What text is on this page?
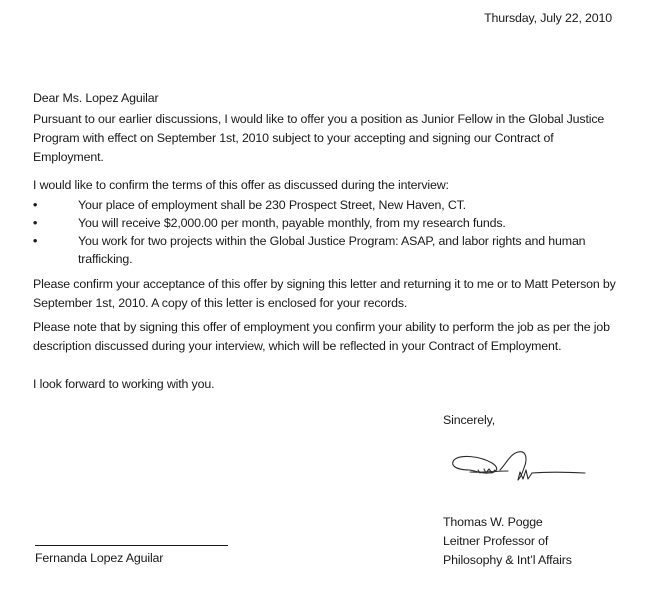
Thursday, July 22, 2010
Dear Ms. Lopez Aguilar
Pursuant to our earlier discussions, I would like to offer you a position as Junior Fellow in the Global Justice Program with effect on September 1st, 2010 subject to your accepting and signing our Contract of Employment.
I would like to confirm the terms of this offer as discussed during the interview:
•	Your place of employment shall be 230 Prospect Street, New Haven, CT.
•	You will receive $2,000.00 per month, payable monthly, from my research funds.
•	You work for two projects within the Global Justice Program: ASAP, and labor rights and human trafficking.
Please confirm your acceptance of this offer by signing this letter and returning it to me or to Matt Peterson by September 1st, 2010. A copy of this letter is enclosed for your records.
Please note that by signing this offer of employment you confirm your ability to perform the job as per the job description discussed during your interview, which will be reflected in your Contract of Employment.
I look forward to working with you.
Sincerely,
Thomas W. Pogge
Leitner Professor of
Philosophy & Int’l Affairs
Fernanda Lopez Aguilar
